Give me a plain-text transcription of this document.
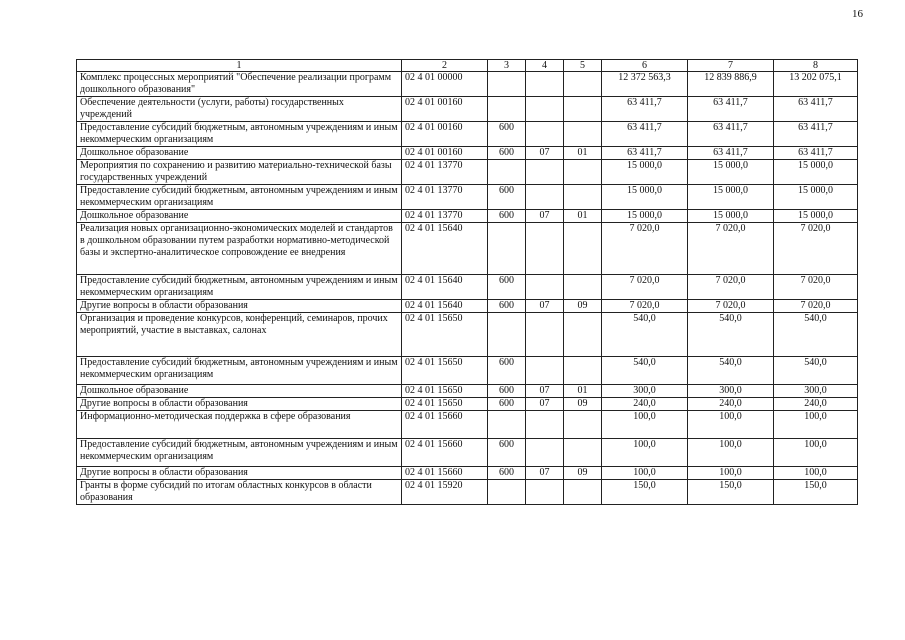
16
1	2	3	4	5	6	7	8
Комплекс процессных мероприятий "Обеспечение реализации программ дошкольного образования"	02 4 01 00000				12 372 563,3	12 839 886,9	13 202 075,1
Обеспечение деятельности (услуги, работы) государственных учреждений	02 4 01 00160				63 411,7	63 411,7	63 411,7
Предоставление субсидий бюджетным, автономным учреждениям и иным некоммерческим организациям	02 4 01 00160	600			63 411,7	63 411,7	63 411,7
Дошкольное образование	02 4 01 00160	600	07	01	63 411,7	63 411,7	63 411,7
Мероприятия по сохранению и развитию материально-технической базы государственных учреждений	02 4 01 13770				15 000,0	15 000,0	15 000,0
Предоставление субсидий бюджетным, автономным учреждениям и иным некоммерческим организациям	02 4 01 13770	600			15 000,0	15 000,0	15 000,0
Дошкольное образование	02 4 01 13770	600	07	01	15 000,0	15 000,0	15 000,0
Реализация новых организационно-экономических моделей и стандартов в дошкольном образовании путем разработки нормативно-методической базы и экспертно-аналитическое сопровождение ее внедрения	02 4 01 15640				7 020,0	7 020,0	7 020,0
Предоставление субсидий бюджетным, автономным учреждениям и иным некоммерческим организациям	02 4 01 15640	600			7 020,0	7 020,0	7 020,0
Другие вопросы в области образования	02 4 01 15640	600	07	09	7 020,0	7 020,0	7 020,0
Организация и проведение конкурсов, конференций, семинаров, прочих мероприятий, участие в выставках, салонах	02 4 01 15650				540,0	540,0	540,0
Предоставление субсидий бюджетным, автономным учреждениям и иным некоммерческим организациям	02 4 01 15650	600			540,0	540,0	540,0
Дошкольное образование	02 4 01 15650	600	07	01	300,0	300,0	300,0
Другие вопросы в области образования	02 4 01 15650	600	07	09	240,0	240,0	240,0
Информационно-методическая поддержка в сфере образования	02 4 01 15660				100,0	100,0	100,0
Предоставление субсидий бюджетным, автономным учреждениям и иным некоммерческим организациям	02 4 01 15660	600			100,0	100,0	100,0
Другие вопросы в области образования	02 4 01 15660	600	07	09	100,0	100,0	100,0
Гранты в форме субсидий по итогам областных конкурсов в области образования	02 4 01 15920				150,0	150,0	150,0
